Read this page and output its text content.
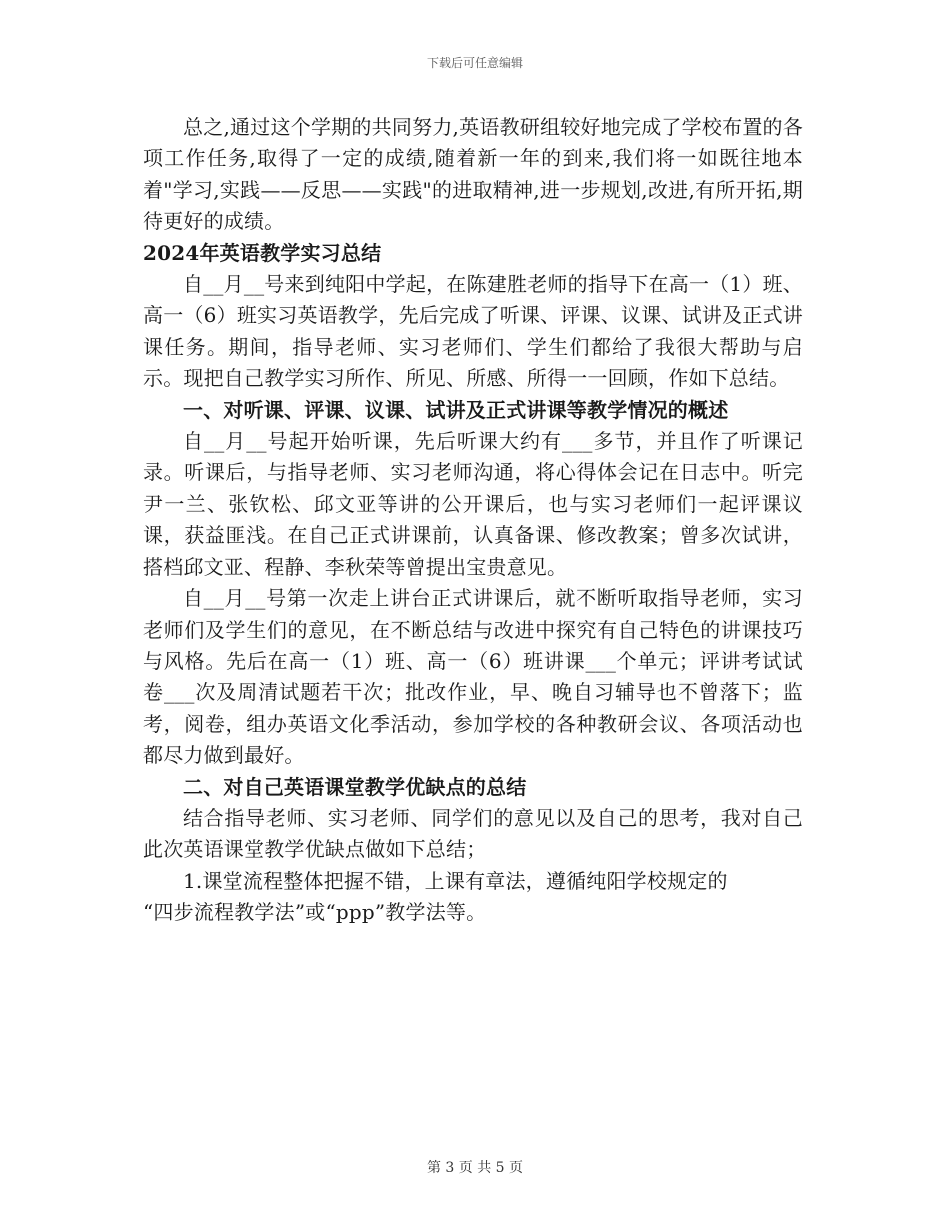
下载后可任意编辑

总之,通过这个学期的共同努力,英语教研组较好地完成了学校布置的各项工作任务,取得了一定的成绩,随着新一年的到来,我们将一如既往地本着"学习,实践——反思——实践"的进取精神,进一步规划,改进,有所开拓,期待更好的成绩。

2024年英语教学实习总结

自__月__号来到纯阳中学起，在陈建胜老师的指导下在高一（1）班、高一（6）班实习英语教学，先后完成了听课、评课、议课、试讲及正式讲课任务。期间，指导老师、实习老师们、学生们都给了我很大帮助与启示。现把自己教学实习所作、所见、所感、所得一一回顾，作如下总结。

一、对听课、评课、议课、试讲及正式讲课等教学情况的概述

自__月__号起开始听课，先后听课大约有___多节，并且作了听课记录。听课后，与指导老师、实习老师沟通，将心得体会记在日志中。听完尹一兰、张钦松、邱文亚等讲的公开课后，也与实习老师们一起评课议课，获益匪浅。在自己正式讲课前，认真备课、修改教案；曾多次试讲，搭档邱文亚、程静、李秋荣等曾提出宝贵意见。

自__月__号第一次走上讲台正式讲课后，就不断听取指导老师，实习老师们及学生们的意见，在不断总结与改进中探究有自己特色的讲课技巧与风格。先后在高一（1）班、高一（6）班讲课___个单元；评讲考试试卷___次及周清试题若干次；批改作业，早、晚自习辅导也不曾落下；监考，阅卷，组办英语文化季活动，参加学校的各种教研会议、各项活动也都尽力做到最好。

二、对自己英语课堂教学优缺点的总结

结合指导老师、实习老师、同学们的意见以及自己的思考，我对自己此次英语课堂教学优缺点做如下总结；

1.课堂流程整体把握不错，上课有章法，遵循纯阳学校规定的

“四步流程教学法”或“ppp”教学法等。

第 3 页 共 5 页
